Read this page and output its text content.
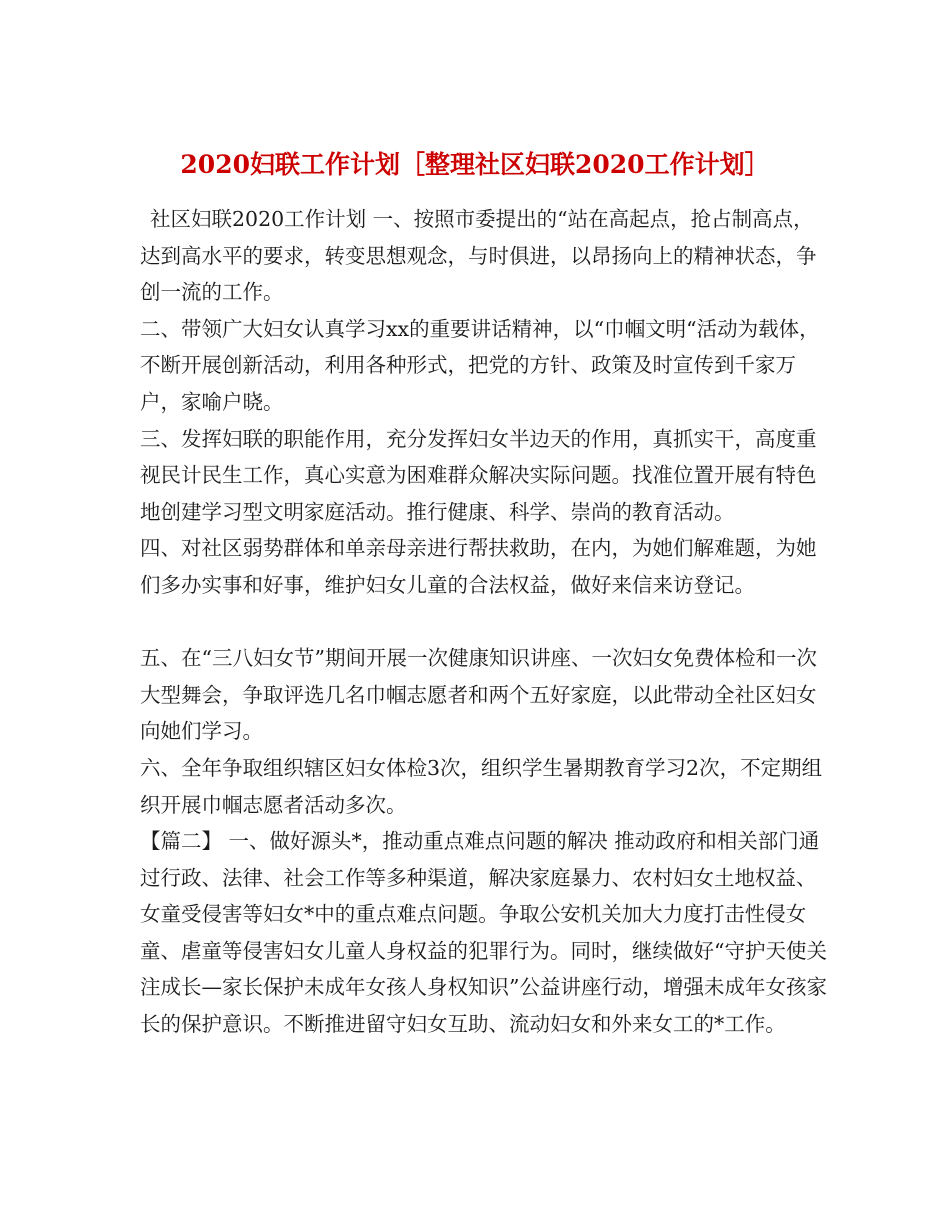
2020妇联工作计划［整理社区妇联2020工作计划］

社区妇联2020工作计划 一、按照市委提出的“站在高起点，抢占制高点，达到高水平的要求，转变思想观念，与时俱进，以昂扬向上的精神状态，争创一流的工作。

二、带领广大妇女认真学习xx的重要讲话精神，以“巾帼文明“活动为载体，不断开展创新活动，利用各种形式，把党的方针、政策及时宣传到千家万户，家喻户晓。

三、发挥妇联的职能作用，充分发挥妇女半边天的作用，真抓实干，高度重视民计民生工作，真心实意为困难群众解决实际问题。找准位置开展有特色地创建学习型文明家庭活动。推行健康、科学、崇尚的教育活动。

四、对社区弱势群体和单亲母亲进行帮扶救助，在内，为她们解难题，为她们多办实事和好事，维护妇女儿童的合法权益，做好来信来访登记。

五、在“三八妇女节”期间开展一次健康知识讲座、一次妇女免费体检和一次大型舞会，争取评选几名巾帼志愿者和两个五好家庭，以此带动全社区妇女向她们学习。

六、全年争取组织辖区妇女体检3次，组织学生暑期教育学习2次，不定期组织开展巾帼志愿者活动多次。

【篇二】 一、做好源头*，推动重点难点问题的解决 推动政府和相关部门通过行政、法律、社会工作等多种渠道，解决家庭暴力、农村妇女土地权益、女童受侵害等妇女*中的重点难点问题。争取公安机关加大力度打击性侵女童、虐童等侵害妇女儿童人身权益的犯罪行为。同时，继续做好“守护天使关注成长—家长保护未成年女孩人身权知识”公益讲座行动，增强未成年女孩家长的保护意识。不断推进留守妇女互助、流动妇女和外来女工的*工作。
